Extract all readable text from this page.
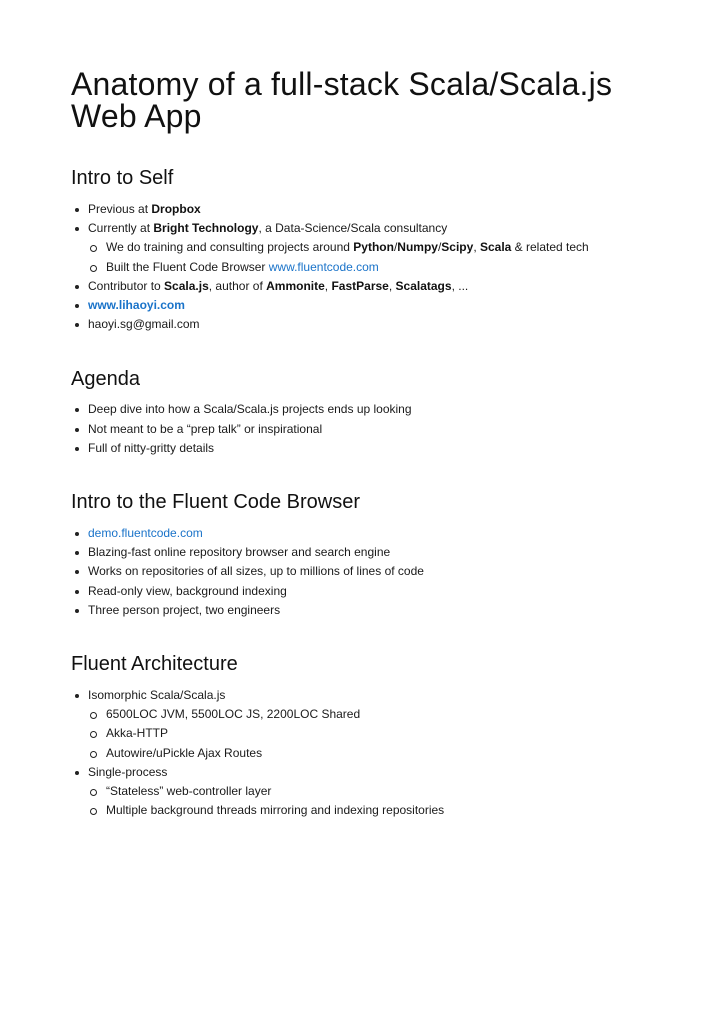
Anatomy of a full-stack Scala/Scala.js Web App
Intro to Self
Previous at Dropbox
Currently at Bright Technology, a Data-Science/Scala consultancy
We do training and consulting projects around Python/Numpy/Scipy, Scala & related tech
Built the Fluent Code Browser www.fluentcode.com
Contributor to Scala.js, author of Ammonite, FastParse, Scalatags, ...
www.lihaoyi.com
haoyi.sg@gmail.com
Agenda
Deep dive into how a Scala/Scala.js projects ends up looking
Not meant to be a “prep talk” or inspirational
Full of nitty-gritty details
Intro to the Fluent Code Browser
demo.fluentcode.com
Blazing-fast online repository browser and search engine
Works on repositories of all sizes, up to millions of lines of code
Read-only view, background indexing
Three person project, two engineers
Fluent Architecture
Isomorphic Scala/Scala.js
6500LOC JVM, 5500LOC JS, 2200LOC Shared
Akka-HTTP
Autowire/uPickle Ajax Routes
Single-process
“Stateless” web-controller layer
Multiple background threads mirroring and indexing repositories
